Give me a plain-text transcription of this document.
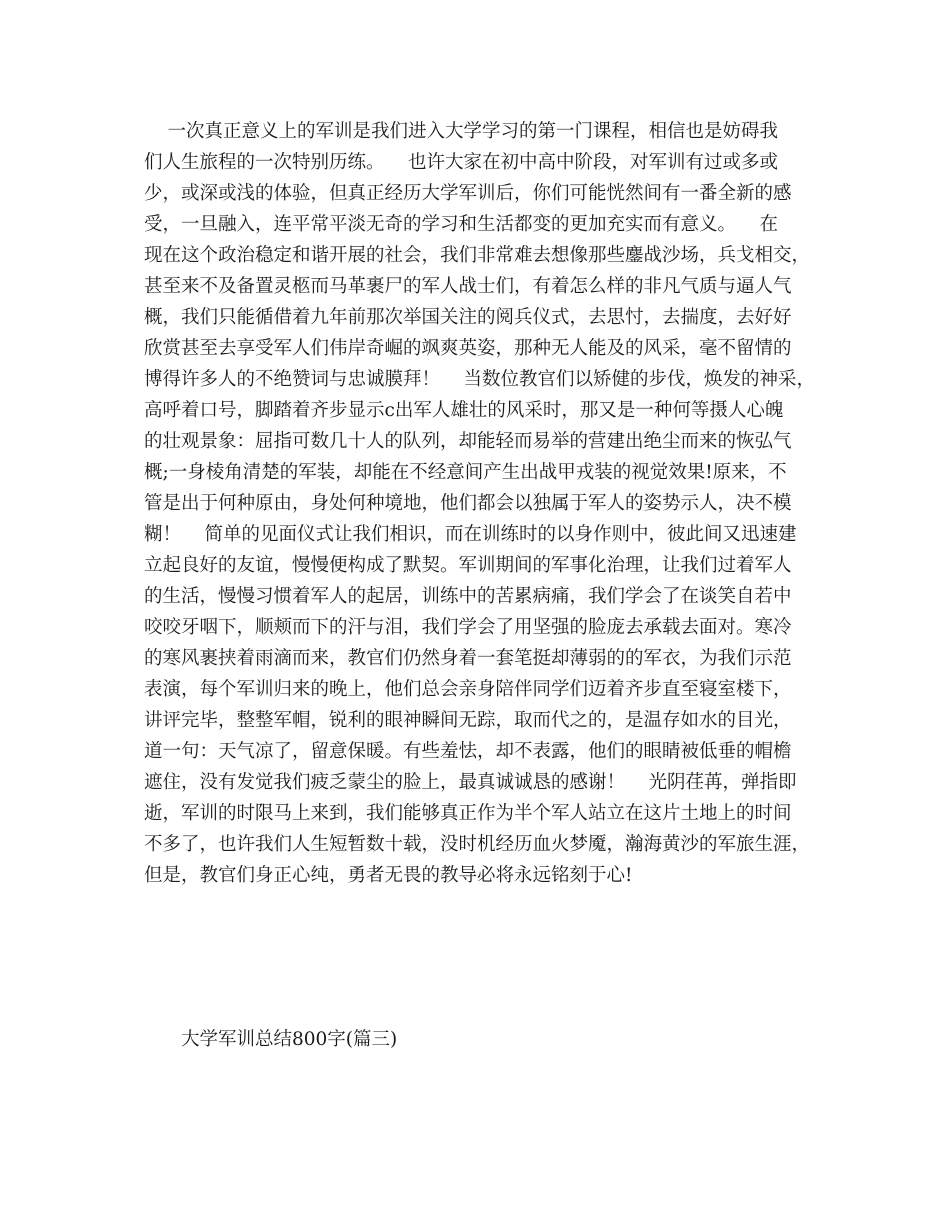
一次真正意义上的军训是我们进入大学学习的第一门课程，相信也是妨碍我
们人生旅程的一次特别历练。    也许大家在初中高中阶段，对军训有过或多或
少，或深或浅的体验，但真正经历大学军训后，你们可能恍然间有一番全新的感
受，一旦融入，连平常平淡无奇的学习和生活都变的更加充实而有意义。    在
现在这个政治稳定和谐开展的社会，我们非常难去想像那些鏖战沙场，兵戈相交，
甚至来不及备置灵柩而马革裹尸的军人战士们，有着怎么样的非凡气质与逼人气
概，我们只能循借着九年前那次举国关注的阅兵仪式，去思忖，去揣度，去好好
欣赏甚至去享受军人们伟岸奇崛的飒爽英姿，那种无人能及的风采，毫不留情的
博得许多人的不绝赞词与忠诚膜拜！    当数位教官们以矫健的步伐，焕发的神采，
高呼着口号，脚踏着齐步显示c出军人雄壮的风采时，那又是一种何等摄人心魄
的壮观景象：屈指可数几十人的队列，却能轻而易举的营建出绝尘而来的恢弘气
概;一身棱角清楚的军装，却能在不经意间产生出战甲戎装的视觉效果!原来，不
管是出于何种原由，身处何种境地，他们都会以独属于军人的姿势示人，决不模
糊！    简单的见面仪式让我们相识，而在训练时的以身作则中，彼此间又迅速建
立起良好的友谊，慢慢便构成了默契。军训期间的军事化治理，让我们过着军人
的生活，慢慢习惯着军人的起居，训练中的苦累病痛，我们学会了在谈笑自若中
咬咬牙咽下，顺颊而下的汗与泪，我们学会了用坚强的脸庞去承载去面对。寒冷
的寒风裹挟着雨滴而来，教官们仍然身着一套笔挺却薄弱的的军衣，为我们示范
表演，每个军训归来的晚上，他们总会亲身陪伴同学们迈着齐步直至寝室楼下，
讲评完毕，整整军帽，锐利的眼神瞬间无踪，取而代之的，是温存如水的目光，
道一句：天气凉了，留意保暖。有些羞怯，却不表露，他们的眼睛被低垂的帽檐
遮住，没有发觉我们疲乏蒙尘的脸上，最真诚诚恳的感谢！    光阴荏苒，弹指即
逝，军训的时限马上来到，我们能够真正作为半个军人站立在这片土地上的时间
不多了，也许我们人生短暂数十载，没时机经历血火梦魇，瀚海黄沙的军旅生涯，
但是，教官们身正心纯，勇者无畏的教导必将永远铭刻于心!
大学军训总结800字(篇三)
